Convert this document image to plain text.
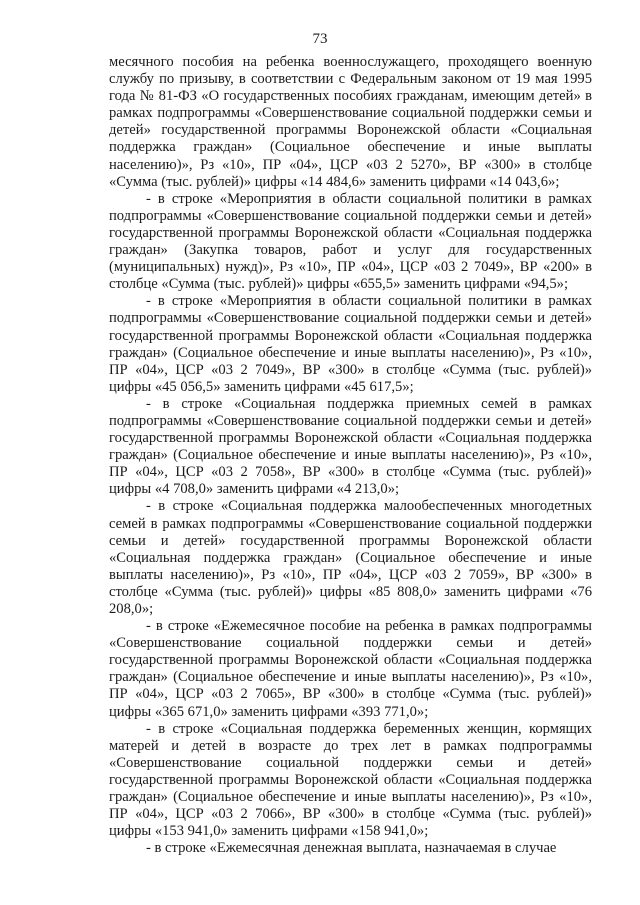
73

месячного пособия на ребенка военнослужащего, проходящего военную службу по призыву, в соответствии с Федеральным законом от 19 мая 1995 года № 81-ФЗ «О государственных пособиях гражданам, имеющим детей» в рамках подпрограммы «Совершенствование социальной поддержки семьи и детей» государственной программы Воронежской области «Социальная поддержка граждан» (Социальное обеспечение и иные выплаты населению)», Рз «10», ПР «04», ЦСР «03 2 5270», ВР «300» в столбце «Сумма (тыс. рублей)» цифры «14 484,6» заменить цифрами «14 043,6»;

- в строке «Мероприятия в области социальной политики в рамках подпрограммы «Совершенствование социальной поддержки семьи и детей» государственной программы Воронежской области «Социальная поддержка граждан» (Закупка товаров, работ и услуг для государственных (муниципальных) нужд)», Рз «10», ПР «04», ЦСР «03 2 7049», ВР «200» в столбце «Сумма (тыс. рублей)» цифры «655,5» заменить цифрами «94,5»;

- в строке «Мероприятия в области социальной политики в рамках подпрограммы «Совершенствование социальной поддержки семьи и детей» государственной программы Воронежской области «Социальная поддержка граждан» (Социальное обеспечение и иные выплаты населению)», Рз «10», ПР «04», ЦСР «03 2 7049», ВР «300» в столбце «Сумма (тыс. рублей)» цифры «45 056,5» заменить цифрами «45 617,5»;

- в строке «Социальная поддержка приемных семей в рамках подпрограммы «Совершенствование социальной поддержки семьи и детей» государственной программы Воронежской области «Социальная поддержка граждан» (Социальное обеспечение и иные выплаты населению)», Рз «10», ПР «04», ЦСР «03 2 7058», ВР «300» в столбце «Сумма (тыс. рублей)» цифры «4 708,0» заменить цифрами «4 213,0»;

- в строке «Социальная поддержка малообеспеченных многодетных семей в рамках подпрограммы «Совершенствование социальной поддержки семьи и детей» государственной программы Воронежской области «Социальная поддержка граждан» (Социальное обеспечение и иные выплаты населению)», Рз «10», ПР «04», ЦСР «03 2 7059», ВР «300» в столбце «Сумма (тыс. рублей)» цифры «85 808,0» заменить цифрами «76 208,0»;

- в строке «Ежемесячное пособие на ребенка в рамках подпрограммы «Совершенствование социальной поддержки семьи и детей» государственной программы Воронежской области «Социальная поддержка граждан» (Социальное обеспечение и иные выплаты населению)», Рз «10», ПР «04», ЦСР «03 2 7065», ВР «300» в столбце «Сумма (тыс. рублей)» цифры «365 671,0» заменить цифрами «393 771,0»;

- в строке «Социальная поддержка беременных женщин, кормящих матерей и детей в возрасте до трех лет в рамках подпрограммы «Совершенствование социальной поддержки семьи и детей» государственной программы Воронежской области «Социальная поддержка граждан» (Социальное обеспечение и иные выплаты населению)», Рз «10», ПР «04», ЦСР «03 2 7066», ВР «300» в столбце «Сумма (тыс. рублей)» цифры «153 941,0» заменить цифрами «158 941,0»;

- в строке «Ежемесячная денежная выплата, назначаемая в случае
